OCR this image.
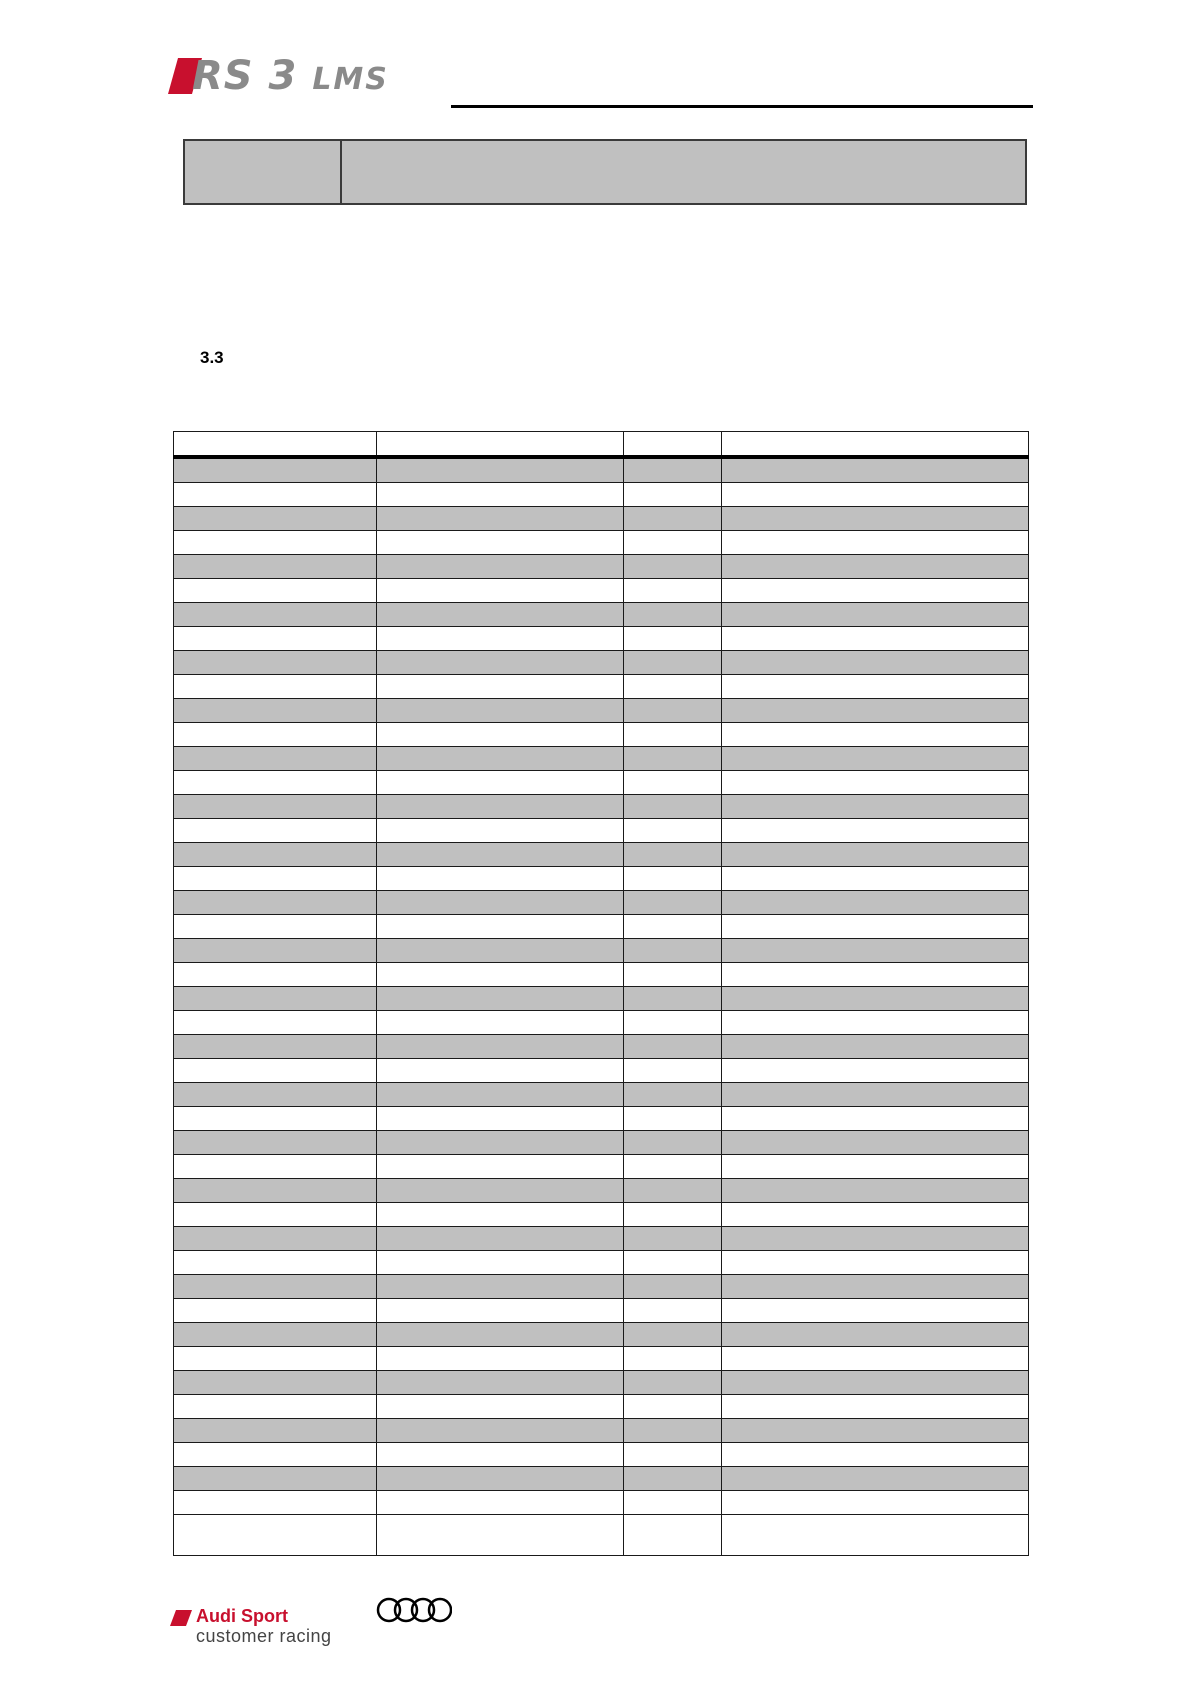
RS 3 LMS
3.3

Audi Sport
customer racing
